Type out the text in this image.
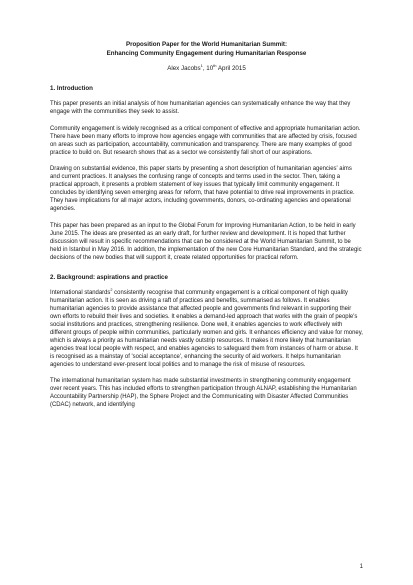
Proposition Paper for the World Humanitarian Summit:
Enhancing Community Engagement during Humanitarian Response
Alex Jacobs$^1$, 10th April 2015
1. Introduction

This paper presents an initial analysis of how humanitarian agencies can systematically enhance the way that they engage with the communities they seek to assist.

Community engagement is widely recognised as a critical component of effective and appropriate humanitarian action. There have been many efforts to improve how agencies engage with communities that are affected by crisis, focused on areas such as participation, accountability, communication and transparency. There are many examples of good practice to build on. But research shows that as a sector we consistently fall short of our aspirations.

Drawing on substantial evidence, this paper starts by presenting a short description of humanitarian agencies' aims and current practices. It analyses the confusing range of concepts and terms used in the sector. Then, taking a practical approach, it presents a problem statement of key issues that typically limit community engagement. It concludes by identifying seven emerging areas for reform, that have potential to drive real improvements in practice. They have implications for all major actors, including governments, donors, co-ordinating agencies and operational agencies.

This paper has been prepared as an input to the Global Forum for Improving Humanitarian Action, to be held in early June 2015. The ideas are presented as an early draft, for further review and development. It is hoped that further discussion will result in specific recommendations that can be considered at the World Humanitarian Summit, to be held in Istanbul in May 2016. In addition, the implementation of the new Core Humanitarian Standard, and the strategic decisions of the new bodies that will support it, create related opportunities for practical reform.

2. Background: aspirations and practice

International standards$^2$ consistently recognise that community engagement is a critical component of high quality humanitarian action. It is seen as driving a raft of practices and benefits, summarised as follows. It enables humanitarian agencies to provide assistance that affected people and governments find relevant in supporting their own efforts to rebuild their lives and societies. It enables a demand-led approach that works with the grain of people's social institutions and practices, strengthening resilience. Done well, it enables agencies to work effectively with different groups of people within communities, particularly women and girls. It enhances efficiency and value for money, which is always a priority as humanitarian needs vastly outstrip resources. It makes it more likely that humanitarian agencies treat local people with respect, and enables agencies to safeguard them from instances of harm or abuse. It is recognised as a mainstay of 'social acceptance', enhancing the security of aid workers. It helps humanitarian agencies to understand ever-present local politics and to manage the risk of misuse of resources.

The international humanitarian system has made substantial investments in strengthening community engagement over recent years. This has included efforts to strengthen participation through ALNAP, establishing the Humanitarian Accountability Partnership (HAP), the Sphere Project and the Communicating with Disaster Affected Communities (CDAC) network, and identifying

1
